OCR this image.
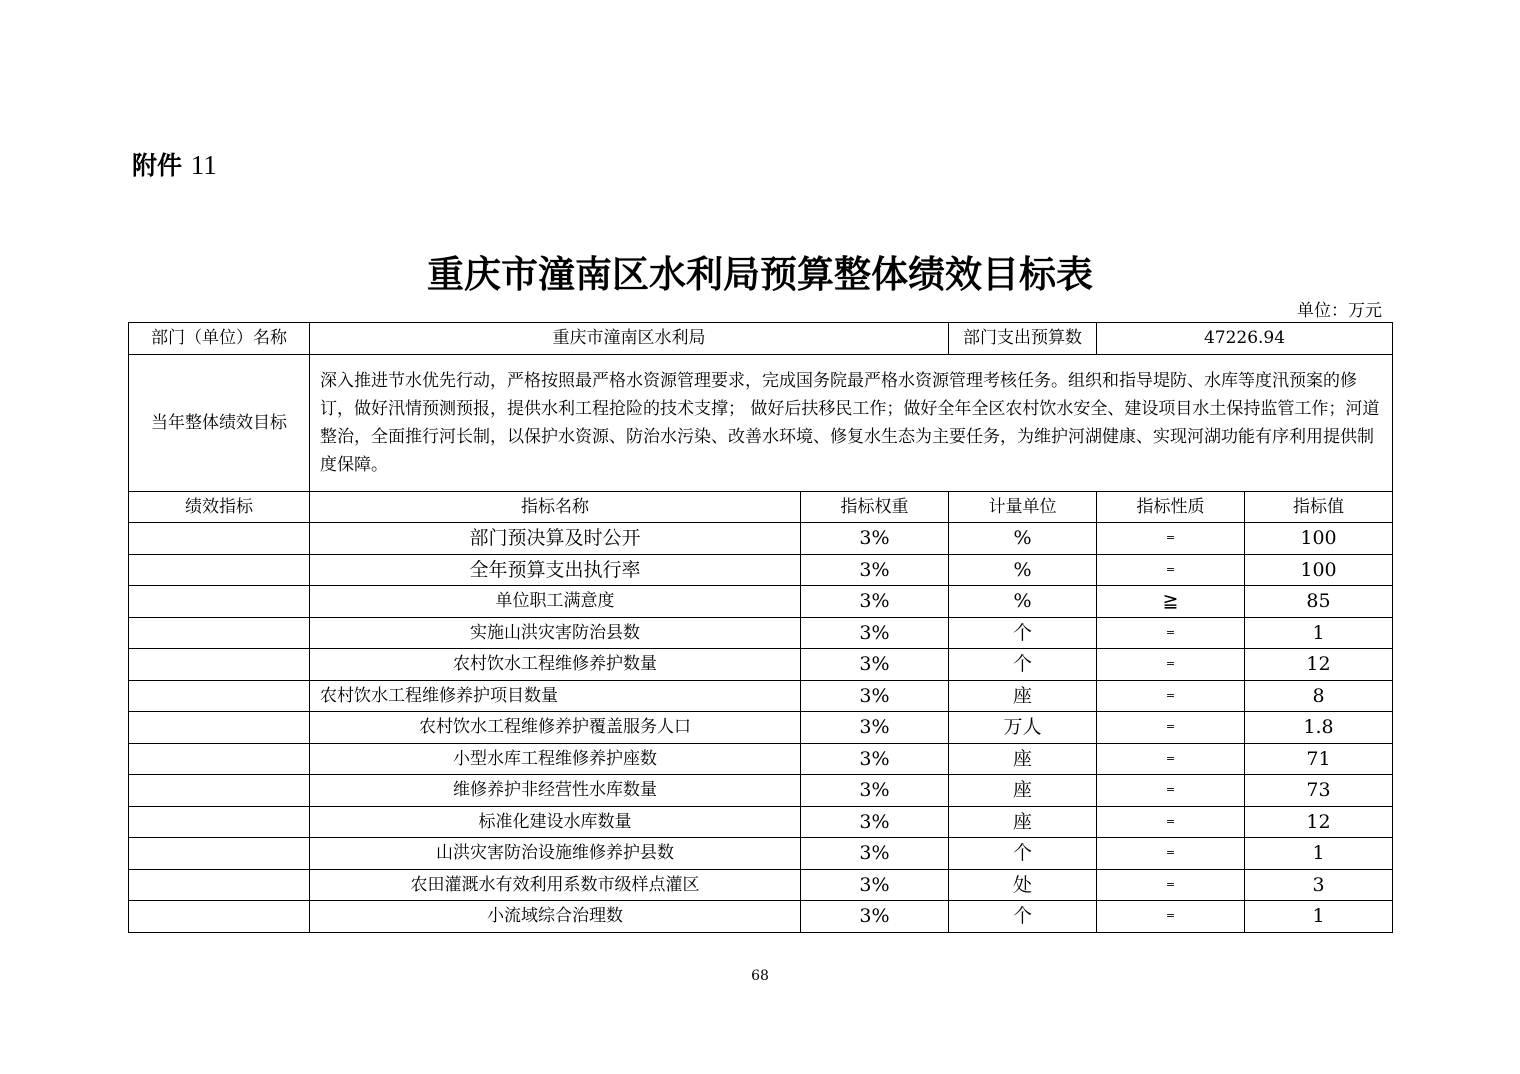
附件 11
重庆市潼南区水利局预算整体绩效目标表
单位：万元
部门（单位）名称	重庆市潼南区水利局		部门支出预算数	47226.94	
当年整体绩效目标	深入推进节水优先行动，严格按照最严格水资源管理要求，完成国务院最严格水资源管理考核任务。组织和指导堤防、水库等度汛预案的修订，做好汛情预测预报，提供水利工程抢险的技术支撑； 做好后扶移民工作；做好全年全区农村饮水安全、建设项目水土保持监管工作；河道整治，全面推行河长制，以保护水资源、防治水污染、改善水环境、修复水生态为主要任务，为维护河湖健康、实现河湖功能有序利用提供制度保障。				
绩效指标	指标名称	指标权重	计量单位	指标性质	指标值
	部门预决算及时公开	3%	%	=	100
	全年预算支出执行率	3%	%	=	100
	单位职工满意度	3%	%	≧	85
	实施山洪灾害防治县数	3%	个	=	1
	农村饮水工程维修养护数量	3%	个	=	12
	农村饮水工程维修养护项目数量	3%	座	=	8
	农村饮水工程维修养护覆盖服务人口	3%	万人	=	1.8
	小型水库工程维修养护座数	3%	座	=	71
	维修养护非经营性水库数量	3%	座	=	73
	标准化建设水库数量	3%	座	=	12
	山洪灾害防治设施维修养护县数	3%	个	=	1
	农田灌溉水有效利用系数市级样点灌区	3%	处	=	3
	小流域综合治理数	3%	个	=	1
68
